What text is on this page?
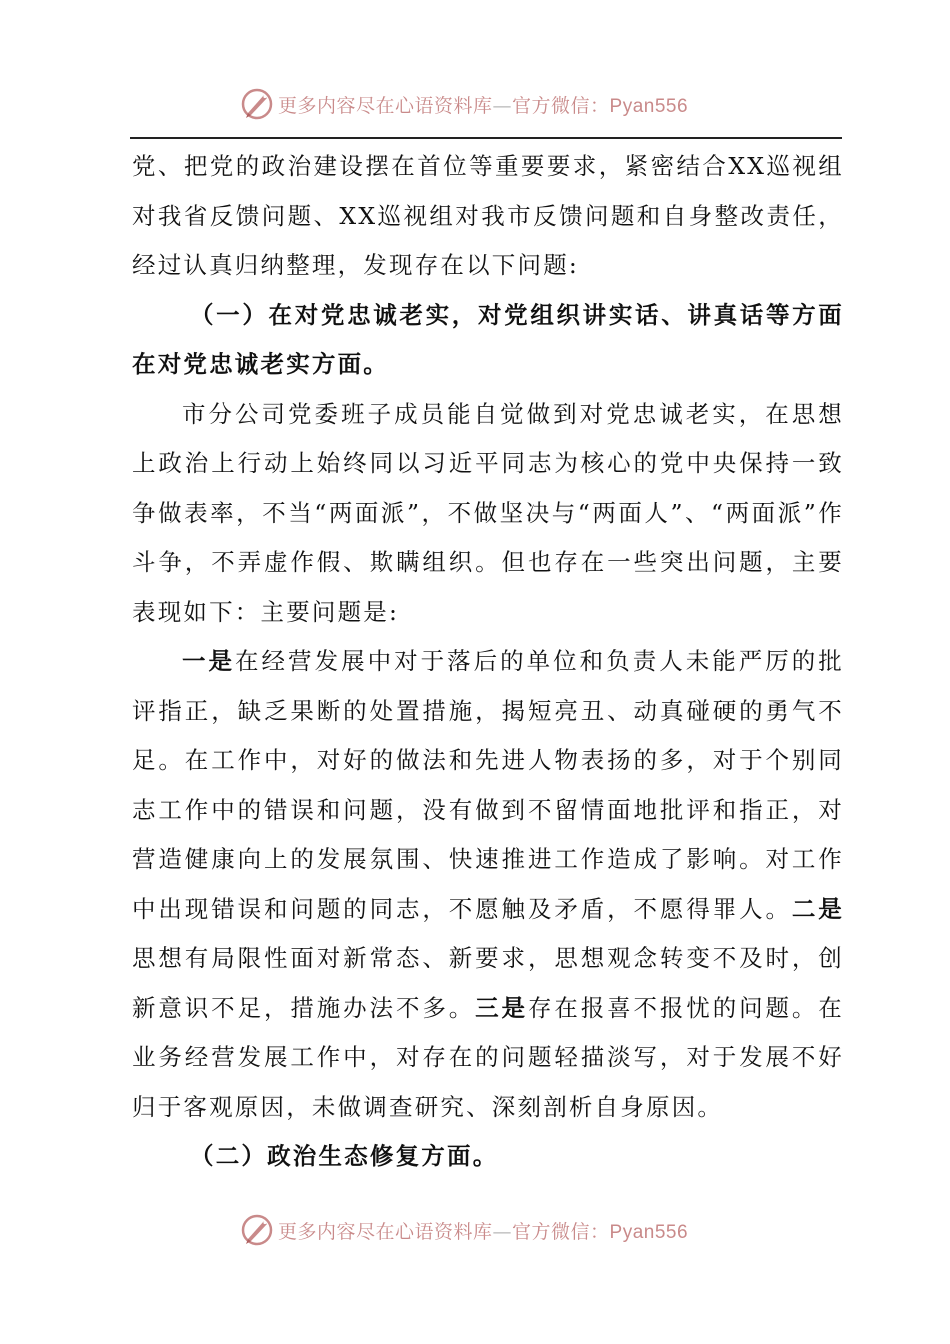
更多内容尽在心语资料库—官方微信：Pyan556

党、把党的政治建设摆在首位等重要要求，紧密结合XX巡视组对我省反馈问题、XX巡视组对我市反馈问题和自身整改责任，经过认真归纳整理，发现存在以下问题:

（一）在对党忠诚老实，对党组织讲实话、讲真话等方面在对党忠诚老实方面。

市分公司党委班子成员能自觉做到对党忠诚老实，在思想上政治上行动上始终同以习近平同志为核心的党中央保持一致争做表率，不当“两面派”，不做坚决与“两面人”、“两面派”作斗争，不弄虚作假、欺瞒组织。但也存在一些突出问题，主要表现如下：主要问题是:

一是在经营发展中对于落后的单位和负责人未能严厉的批评指正，缺乏果断的处置措施，揭短亮丑、动真碰硬的勇气不足。在工作中，对好的做法和先进人物表扬的多，对于个别同志工作中的错误和问题，没有做到不留情面地批评和指正，对营造健康向上的发展氛围、快速推进工作造成了影响。对工作中出现错误和问题的同志，不愿触及矛盾，不愿得罪人。二是思想有局限性面对新常态、新要求，思想观念转变不及时，创新意识不足，措施办法不多。三是存在报喜不报忧的问题。在业务经营发展工作中，对存在的问题轻描淡写，对于发展不好归于客观原因，未做调查研究、深刻剖析自身原因。

（二）政治生态修复方面。

更多内容尽在心语资料库—官方微信：Pyan556
